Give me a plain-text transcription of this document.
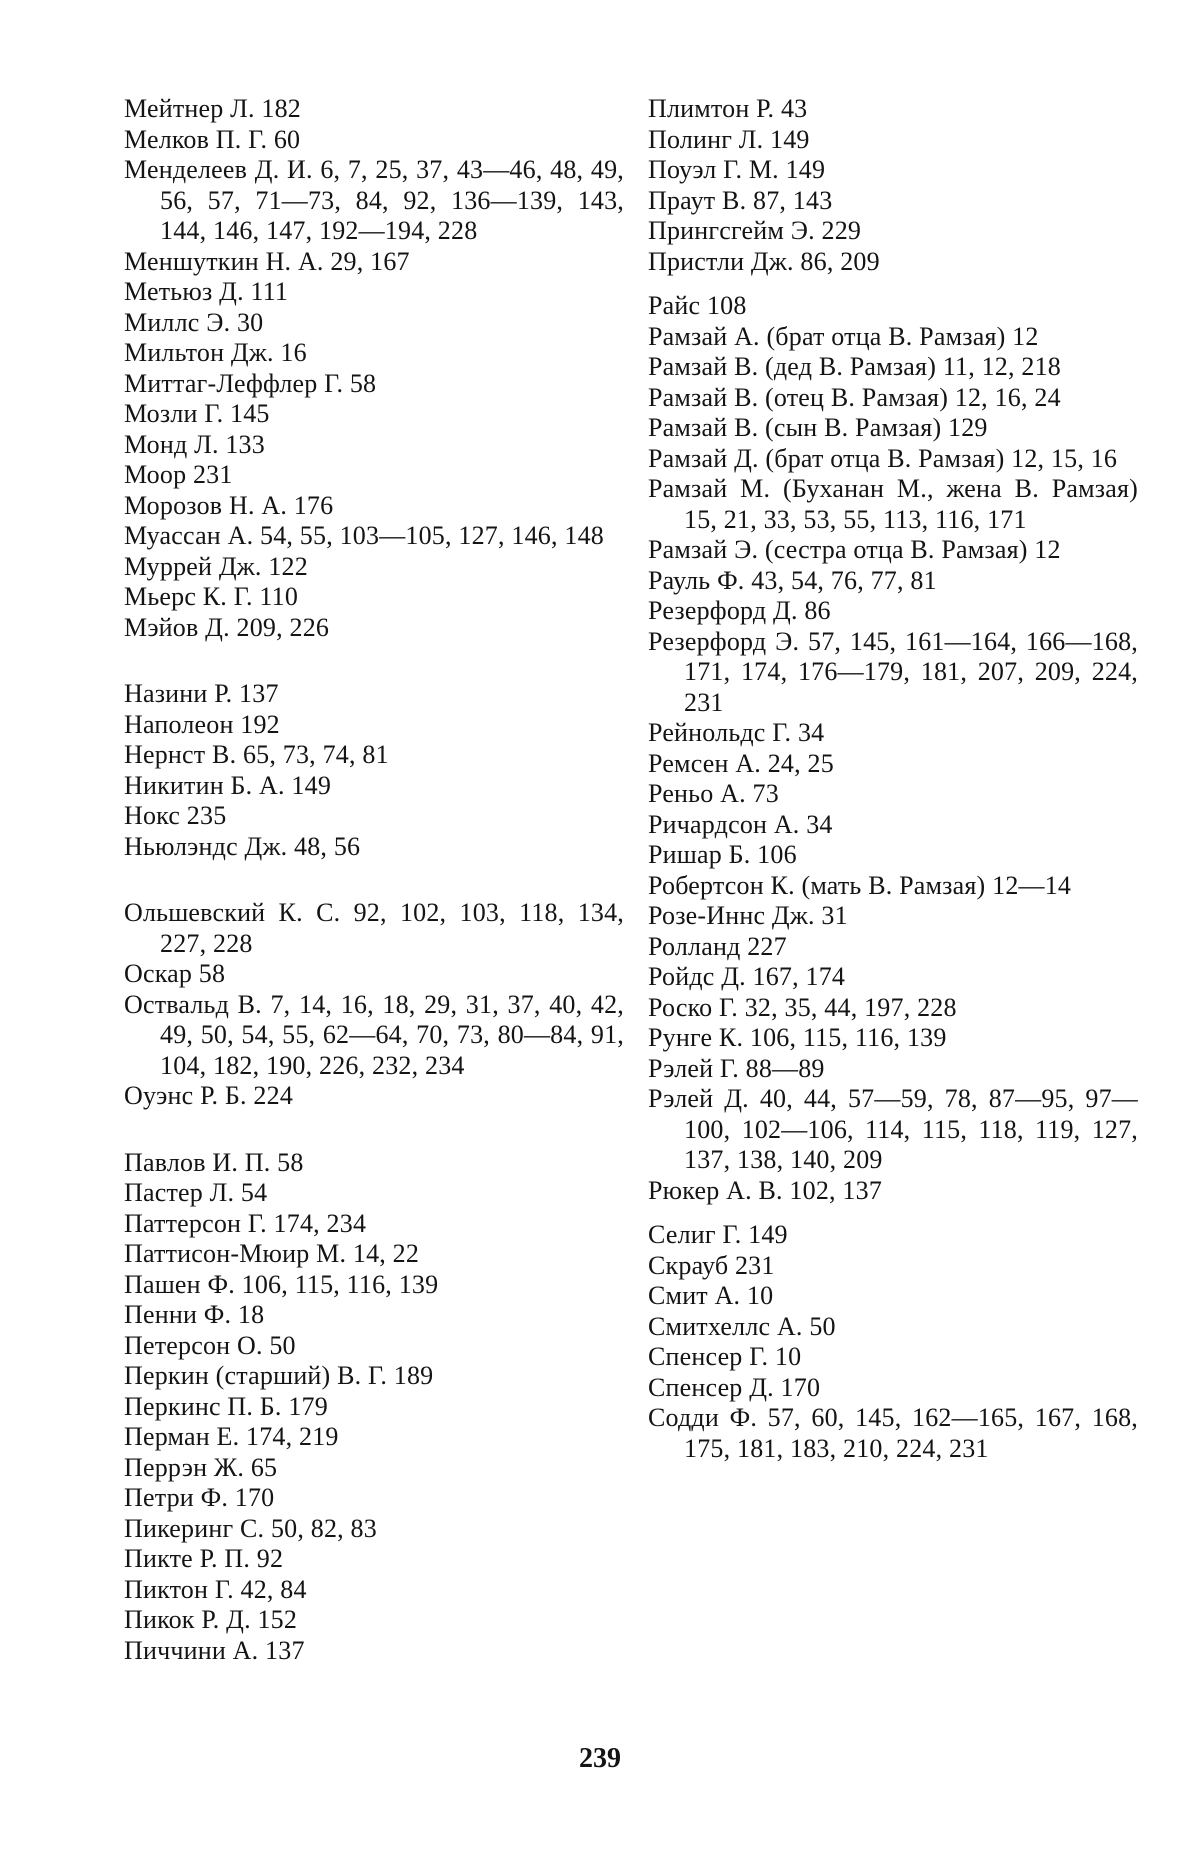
Мейтнер Л. 182
Мелков П. Г. 60
Менделеев Д. И. 6, 7, 25, 37, 43—46, 48, 49, 56, 57, 71—73, 84, 92, 136—139, 143, 144, 146, 147, 192—194, 228
Меншуткин Н. А. 29, 167
Метьюз Д. 111
Миллс Э. 30
Мильтон Дж. 16
Миттаг-Леффлер Г. 58
Мозли Г. 145
Монд Л. 133
Моор 231
Морозов Н. А. 176
Муассан А. 54, 55, 103—105, 127, 146, 148
Муррей Дж. 122
Мьерс К. Г. 110
Мэйов Д. 209, 226
Назини Р. 137
Наполеон 192
Нернст В. 65, 73, 74, 81
Никитин Б. А. 149
Нокс 235
Ньюлэндс Дж. 48, 56
Ольшевский К. С. 92, 102, 103, 118, 134, 227, 228
Оскар 58
Оствальд В. 7, 14, 16, 18, 29, 31, 37, 40, 42, 49, 50, 54, 55, 62—64, 70, 73, 80—84, 91, 104, 182, 190, 226, 232, 234
Оуэнс Р. Б. 224
Павлов И. П. 58
Пастер Л. 54
Паттерсон Г. 174, 234
Паттисон-Мюир М. 14, 22
Пашен Ф. 106, 115, 116, 139
Пенни Ф. 18
Петерсон О. 50
Перкин (старший) В. Г. 189
Перкинс П. Б. 179
Перман Е. 174, 219
Перрэн Ж. 65
Петри Ф. 170
Пикеринг С. 50, 82, 83
Пикте Р. П. 92
Пиктон Г. 42, 84
Пикок Р. Д. 152
Пиччини А. 137
Плимтон Р. 43
Полинг Л. 149
Поуэл Г. М. 149
Праут В. 87, 143
Прингсгейм Э. 229
Пристли Дж. 86, 209
Райс 108
Рамзай А. (брат отца В. Рамзая) 12
Рамзай В. (дед В. Рамзая) 11, 12, 218
Рамзай В. (отец В. Рамзая) 12, 16, 24
Рамзай В. (сын В. Рамзая) 129
Рамзай Д. (брат отца В. Рамзая) 12, 15, 16
Рамзай М. (Буханан М., жена В. Рамзая) 15, 21, 33, 53, 55, 113, 116, 171
Рамзай Э. (сестра отца В. Рамзая) 12
Рауль Ф. 43, 54, 76, 77, 81
Резерфорд Д. 86
Резерфорд Э. 57, 145, 161—164, 166—168, 171, 174, 176—179, 181, 207, 209, 224, 231
Рейнольдс Г. 34
Ремсен А. 24, 25
Реньо А. 73
Ричардсон А. 34
Ришар Б. 106
Робертсон К. (мать В. Рамзая) 12—14
Розе-Иннс Дж. 31
Ролланд 227
Ройдс Д. 167, 174
Роско Г. 32, 35, 44, 197, 228
Рунге К. 106, 115, 116, 139
Рэлей Г. 88—89
Рэлей Д. 40, 44, 57—59, 78, 87—95, 97—100, 102—106, 114, 115, 118, 119, 127, 137, 138, 140, 209
Рюкер А. В. 102, 137
Селиг Г. 149
Скрауб 231
Смит А. 10
Смитхеллс А. 50
Спенсер Г. 10
Спенсер Д. 170
Содди Ф. 57, 60, 145, 162—165, 167, 168, 175, 181, 183, 210, 224, 231
239
